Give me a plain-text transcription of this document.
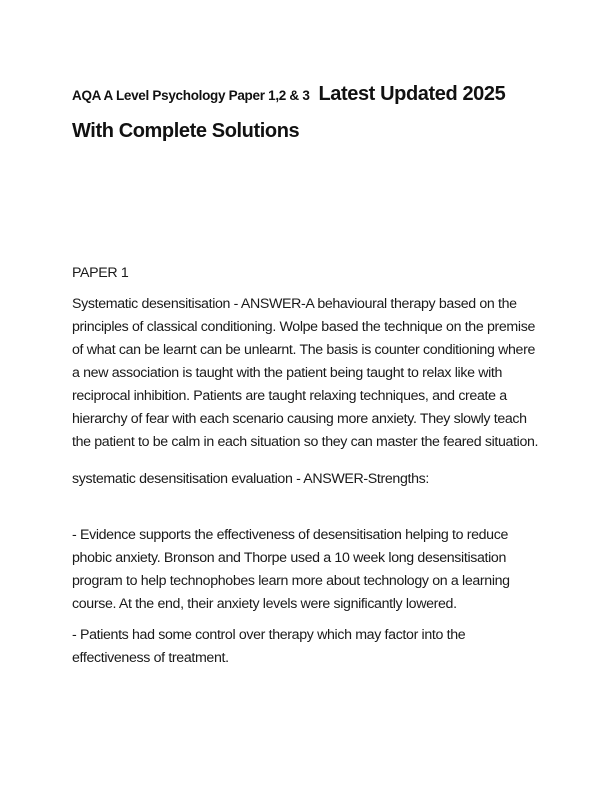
AQA A Level Psychology Paper 1,2 & 3 Latest Updated 2025 With Complete Solutions

PAPER 1

Systematic desensitisation - ANSWER-A behavioural therapy based on the principles of classical conditioning. Wolpe based the technique on the premise of what can be learnt can be unlearnt. The basis is counter conditioning where a new association is taught with the patient being taught to relax like with reciprocal inhibition. Patients are taught relaxing techniques, and create a hierarchy of fear with each scenario causing more anxiety. They slowly teach the patient to be calm in each situation so they can master the feared situation.

systematic desensitisation evaluation - ANSWER-Strengths:

- Evidence supports the effectiveness of desensitisation helping to reduce phobic anxiety. Bronson and Thorpe used a 10 week long desensitisation program to help technophobes learn more about technology on a learning course. At the end, their anxiety levels were significantly lowered.

- Patients had some control over therapy which may factor into the effectiveness of treatment.
